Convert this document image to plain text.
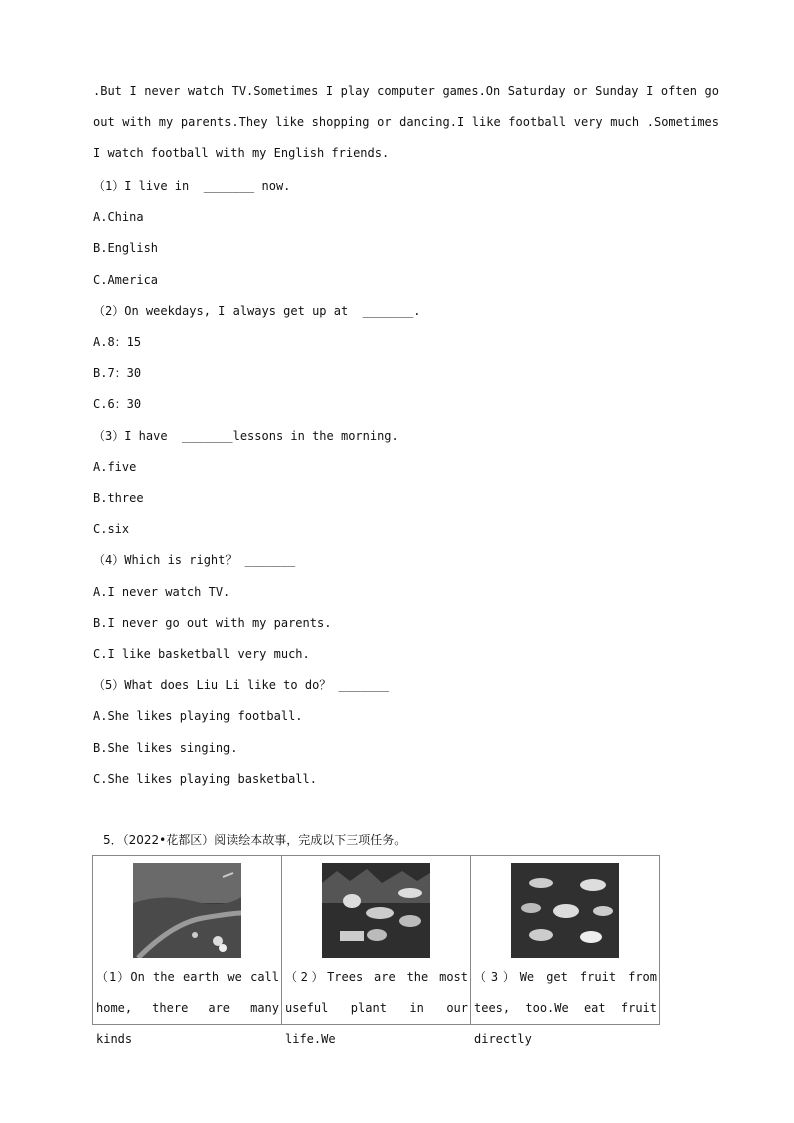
.But I never watch TV.Sometimes I play computer games.On Saturday or Sunday I often go out with my parents.They like shopping or dancing.I like football very much .Sometimes I watch football with my English friends.
（1）I live in  _______ now.
A.China
B.English
C.America
（2）On weekdays, I always get up at  _______.
A.8：15
B.7：30
C.6：30
（3）I have  _______lessons in the morning.
A.five
B.three
C.six
（4）Which is right？ _______
A.I never watch TV.
B.I never go out with my parents.
C.I like basketball very much.
（5）What does Liu Li like to do？ _______
A.She likes playing football.
B.She likes singing.
C.She likes playing basketball.
5．（2022•花都区）阅读绘本故事，完成以下三项任务。
（1）On the earth we call home, there are many kinds

（2）Trees are the most useful plant in our life.We

（3）We get fruit from tees, too.We eat fruit directly
